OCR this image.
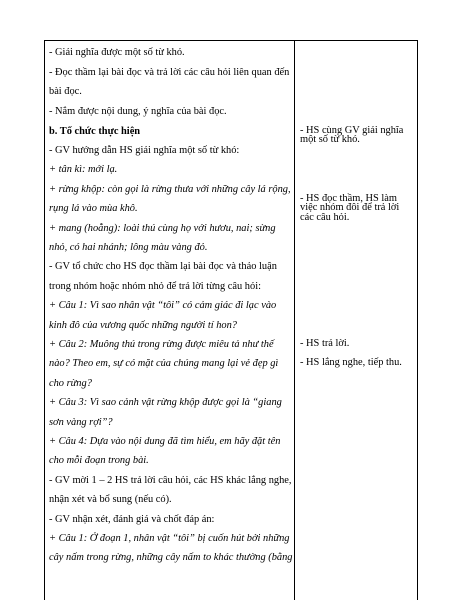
- Giải nghĩa được một số từ khó.
- Đọc thầm lại bài đọc và trả lời các câu hỏi liên quan đến
bài đọc.
- Nắm được nội dung, ý nghĩa của bài đọc.
b. Tổ chức thực hiện
- GV hướng dẫn HS giải nghĩa một số từ khó:
+ tân kì: mới lạ.
+ rừng khộp: còn gọi là rừng thưa với những cây lá rộng,
rụng lá vào mùa khô.
+ mang (hoẵng): loài thú cùng họ với hươu, nai; sừng
nhỏ, có hai nhánh; lông màu vàng đỏ.
- GV tổ chức cho HS đọc thầm lại bài đọc và thảo luận
trong nhóm hoặc nhóm nhỏ để trả lời từng câu hỏi:
+ Câu 1: Vì sao nhân vật “tôi” có cảm giác đi lạc vào
kinh đô của vương quốc những người tí hon?
+ Câu 2: Muông thú trong rừng được miêu tả như thế
nào? Theo em, sự có mặt của chúng mang lại vẻ đẹp gì
cho rừng?
+ Câu 3: Vì sao cảnh vật rừng khộp được gọi là “giang
sơn vàng rợi”?
+ Câu 4: Dựa vào nội dung đã tìm hiểu, em hãy đặt tên
cho mỗi đoạn trong bài.
- GV mời 1 – 2 HS trả lời câu hỏi, các HS khác lắng nghe,
nhận xét và bổ sung (nếu có).
- GV nhận xét, đánh giá và chốt đáp án:
+ Câu 1: Ở đoạn 1, nhân vật “tôi” bị cuốn hút bởi những
cây nấm trong rừng, những cây nấm to khác thường (bằng
- HS cùng GV giải nghĩa
một số từ khó.
- HS đọc thầm, HS làm
việc nhóm đôi để trả lời
các câu hỏi.
- HS trả lời.
- HS lắng nghe, tiếp thu.
